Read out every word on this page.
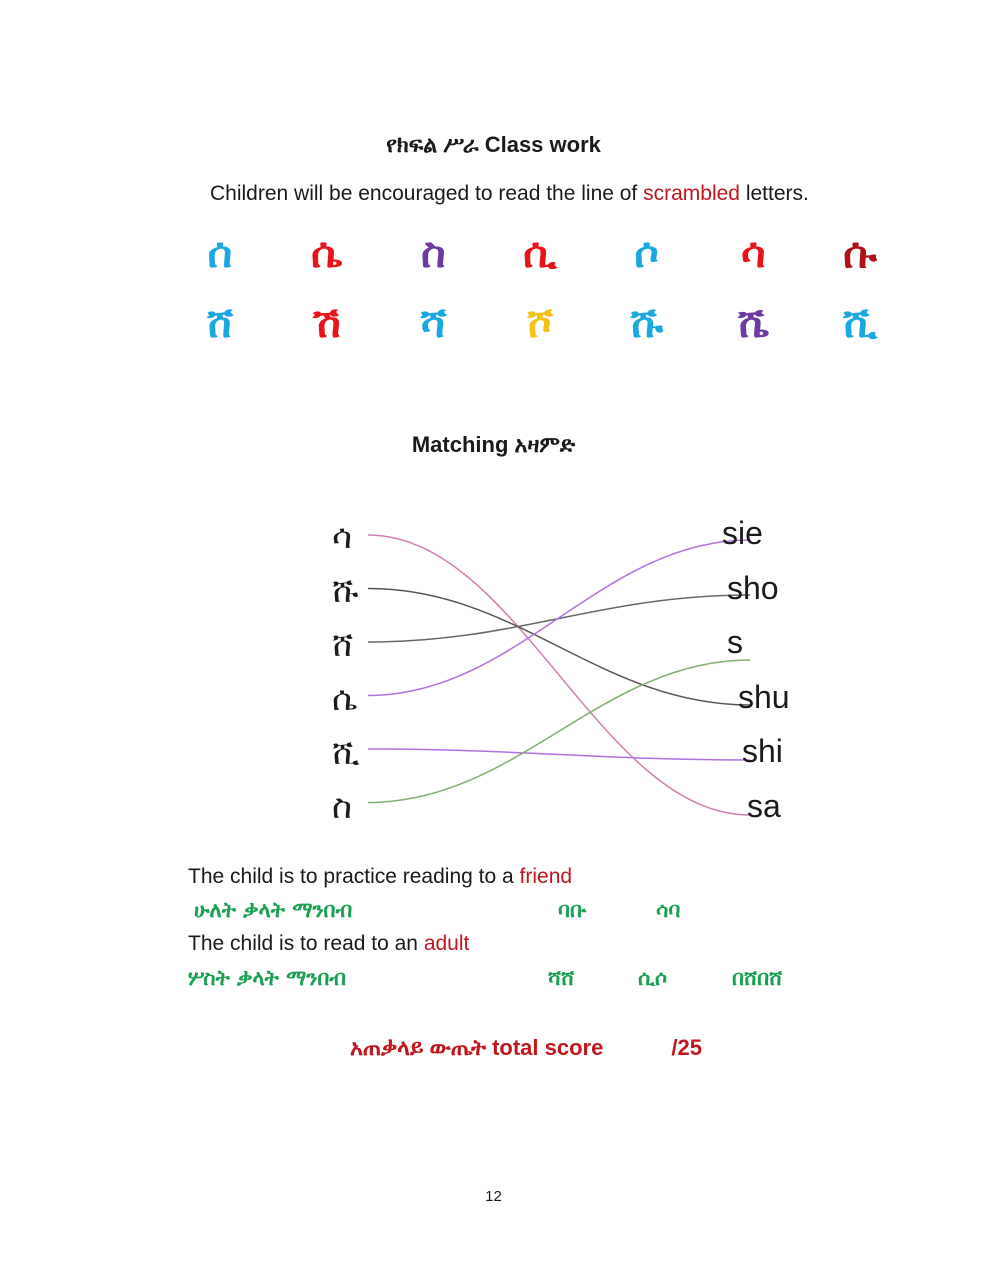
የክፍል ሥራ Class work
Children will be encouraged to read the line of scrambled letters.
ሰ	ሴ	ስ	ሲ	ሶ	ሳ	ሱ
ሸ	ሽ	ሻ	ሾ	ሹ	ሼ	ሺ
Matching አዛምድ
ሳ
ሹ
ሸ
ሴ
ሺ
ስ
sie
sho
s
shu
shi
sa
The child is to practice reading to a friend
ሁለት ቃላት ማንበብ	ባቡ	ሳባ
The child is to read to an adult
ሦስት ቃላት ማንበብ	ሻሸ	ሲሶ	በሸበሸ
አጠቃላይ ውጤት total score	/25
12
